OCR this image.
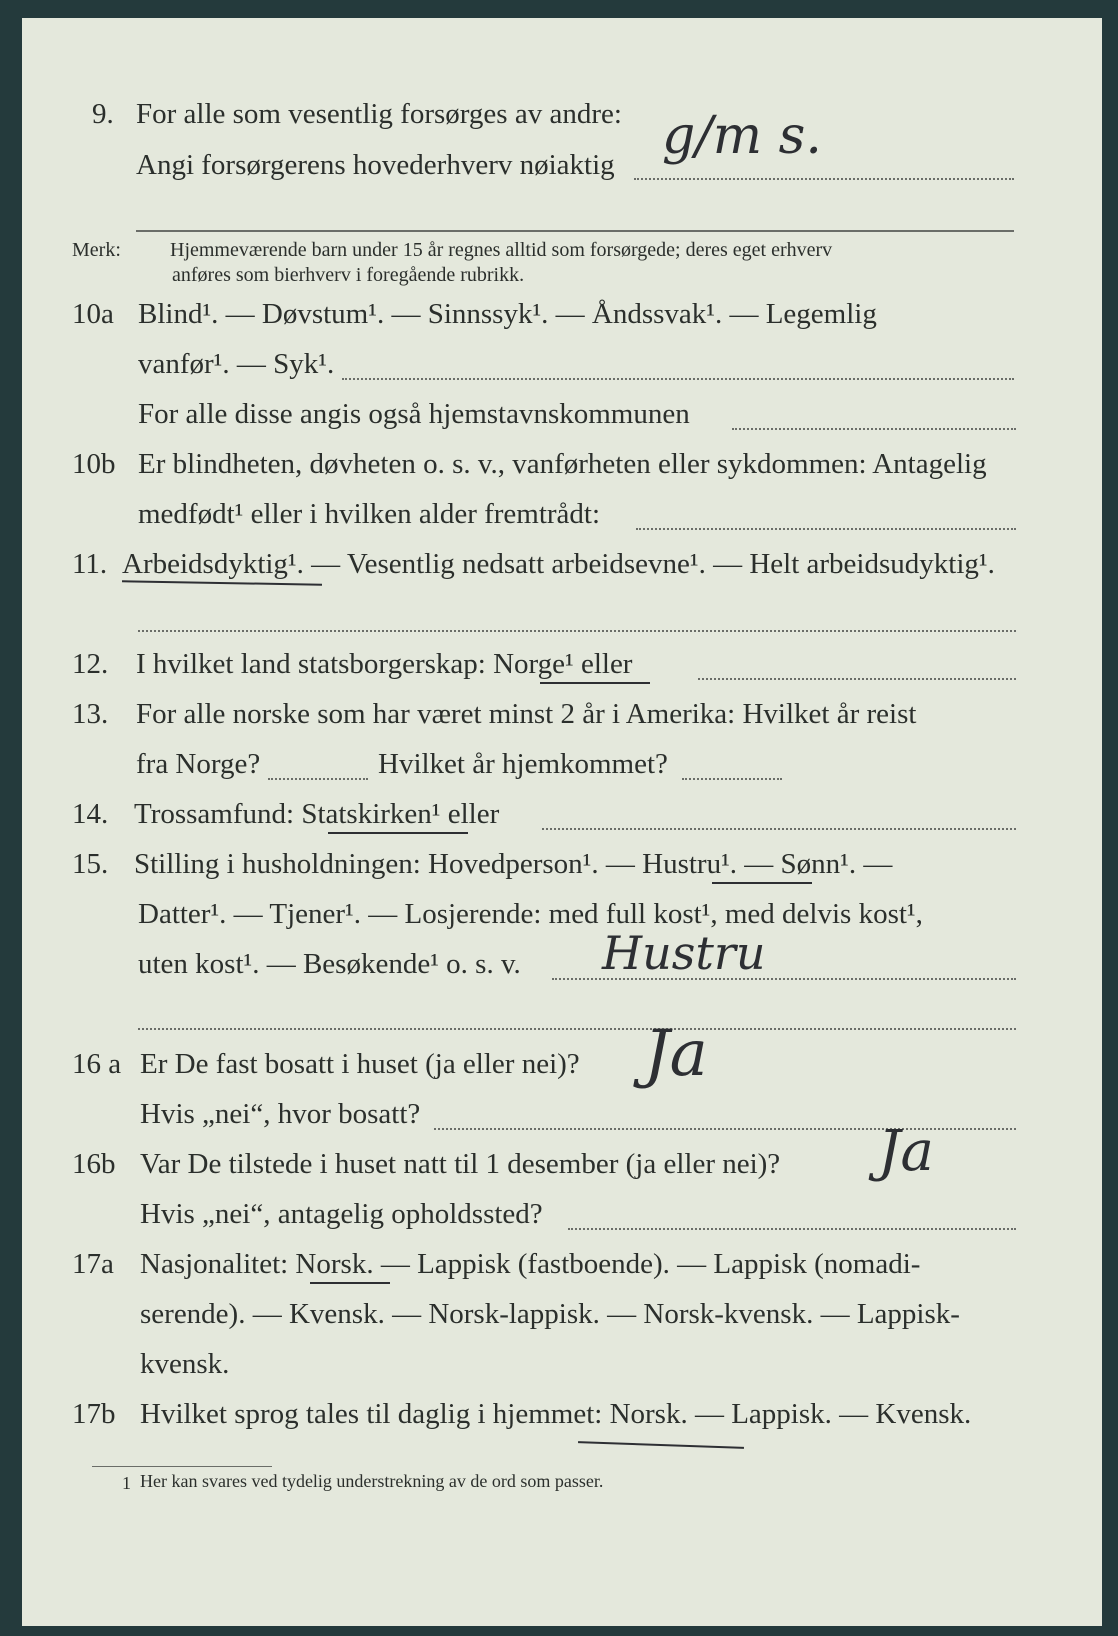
9. For alle som vesentlig forsørges av andre:
Angi forsørgerens hovederhverv nøiaktig g/m s.
Merk: Hjemmeværende barn under 15 år regnes alltid som forsørgede; deres eget erhverv
anføres som bierhverv i foregående rubrikk.
10a Blind¹. — Døvstum¹. — Sinnssyk¹. — Åndssvak¹. — Legemlig
vanfør¹. — Syk¹.
For alle disse angis også hjemstavnskommunen
10b Er blindheten, døvheten o. s. v., vanførheten eller sykdommen: Antagelig
medfødt¹ eller i hvilken alder fremtrådt:
11. Arbeidsdyktig¹. — Vesentlig nedsatt arbeidsevne¹. — Helt arbeidsudyktig¹.
12. I hvilket land statsborgerskap: Norge¹ eller
13. For alle norske som har været minst 2 år i Amerika: Hvilket år reist
fra Norge?	Hvilket år hjemkommet?
14. Trossamfund: Statskirken¹ eller
15. Stilling i husholdningen: Hovedperson¹. — Hustru¹. — Sønn¹. —
Datter¹. — Tjener¹. — Losjerende: med full kost¹, med delvis kost¹,
uten kost¹. — Besøkende¹ o. s. v. Hustru
16 a Er De fast bosatt i huset (ja eller nei)? Ja
Hvis „nei“, hvor bosatt?
16b Var De tilstede i huset natt til 1 desember (ja eller nei)? Ja
Hvis „nei“, antagelig opholdssted?
17a Nasjonalitet: Norsk. — Lappisk (fastboende). — Lappisk (nomadi-
serende). — Kvensk. — Norsk-lappisk. — Norsk-kvensk. — Lappisk-
kvensk.
17b Hvilket sprog tales til daglig i hjemmet: Norsk. — Lappisk. — Kvensk.
1 Her kan svares ved tydelig understrekning av de ord som passer.
